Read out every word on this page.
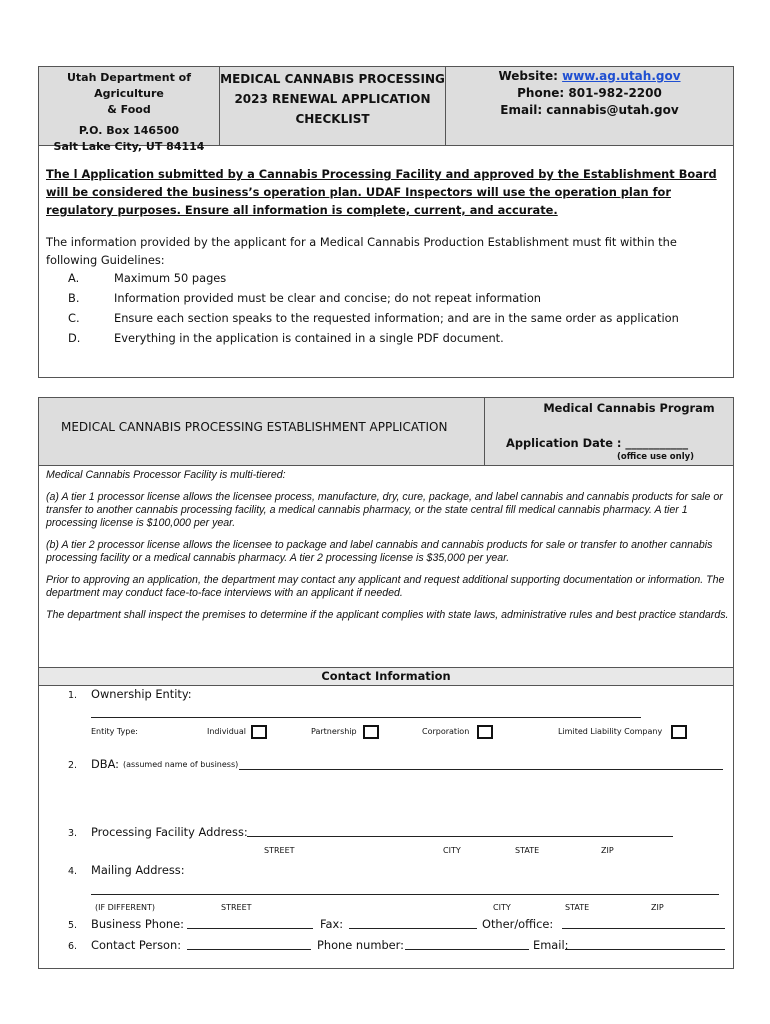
Utah Department of Agriculture
& Food
P.O. Box 146500
Salt Lake City, UT 84114
MEDICAL CANNABIS PROCESSING
2023 RENEWAL APPLICATION
CHECKLIST
Website: www.ag.utah.gov
Phone: 801-982-2200
Email: cannabis@utah.gov
The l Application submitted by a Cannabis Processing Facility and approved by the Establishment Board will be considered the business’s operation plan. UDAF Inspectors will use the operation plan for regulatory purposes. Ensure all information is complete, current, and accurate.
The information provided by the applicant for a Medical Cannabis Production Establishment must fit within the following Guidelines:
A.	Maximum 50 pages
B.	Information provided must be clear and concise; do not repeat information
C.	Ensure each section speaks to the requested information; and are in the same order as application
D.	Everything in the application is contained in a single PDF document.
MEDICAL CANNABIS PROCESSING ESTABLISHMENT APPLICATION
Medical Cannabis Program
Application Date : ___________
(office use only)

Medical Cannabis Processor Facility is multi-tiered:

(a) A tier 1 processor license allows the licensee process, manufacture, dry, cure, package, and label cannabis and cannabis products for sale or transfer to another cannabis processing facility, a medical cannabis pharmacy, or the state central fill medical cannabis pharmacy. A tier 1 processing license is $100,000 per year.

(b) A tier 2 processor license allows the licensee to package and label cannabis and cannabis products for sale or transfer to another cannabis processing facility or a medical cannabis pharmacy. A tier 2 processing license is $35,000 per year.

Prior to approving an application, the department may contact any applicant and request additional supporting documentation or information. The department may conduct face-to-face interviews with an applicant if needed.

The department shall inspect the premises to determine if the applicant complies with state laws, administrative rules and best practice standards.

Contact Information
1. Ownership Entity:
Entity Type:	Individual	Partnership	Corporation	Limited Liability Company
2. DBA: (assumed name of business)
3. Processing Facility Address:
STREET	CITY	STATE	ZIP
4. Mailing Address:
(IF DIFFERENT)	STREET	CITY	STATE	ZIP
5. Business Phone:	Fax:	Other/office:
6. Contact Person:	Phone number:	Email:
